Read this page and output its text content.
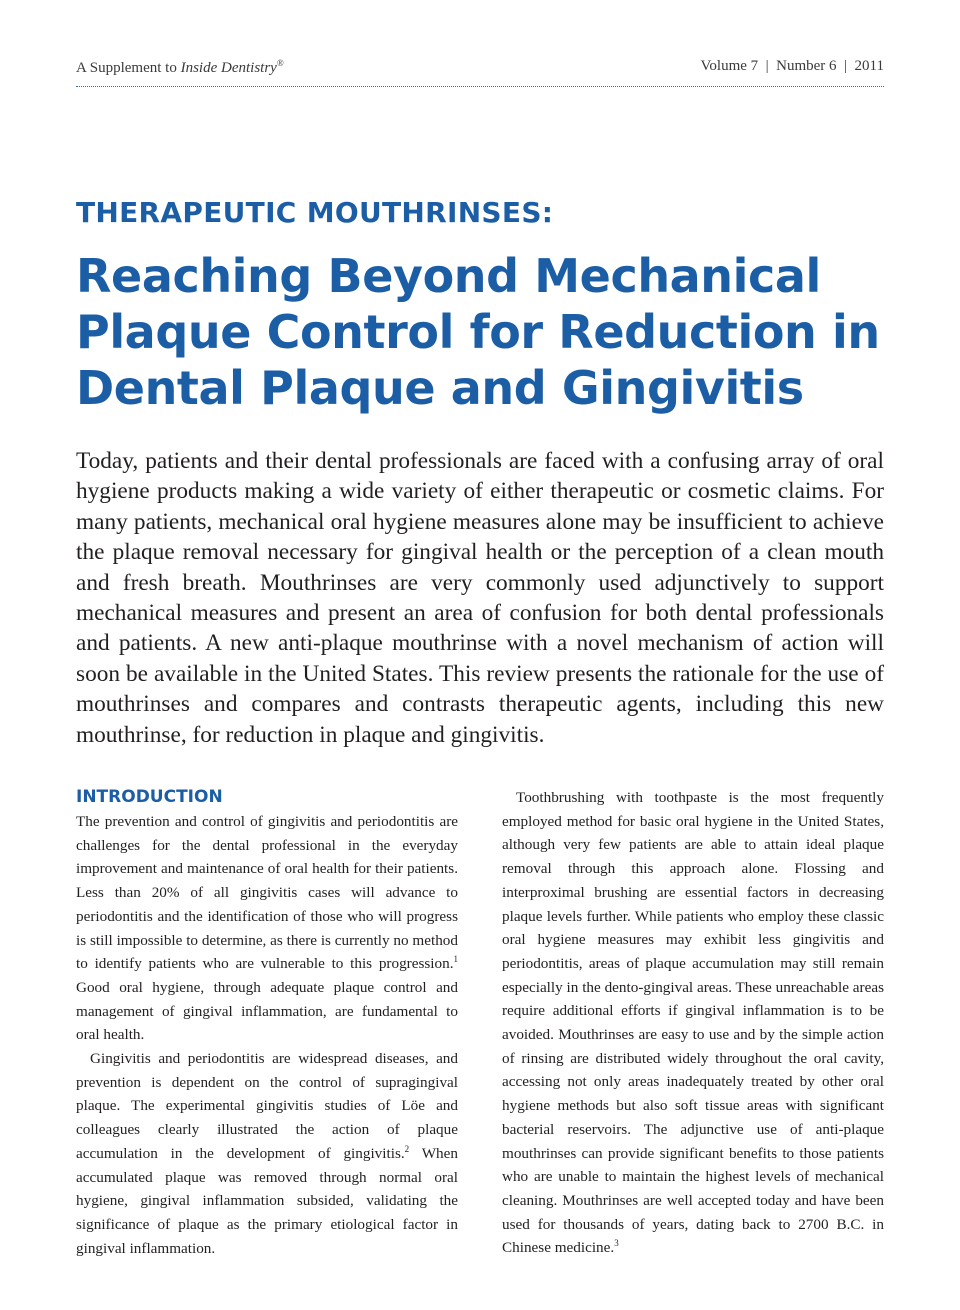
A Supplement to Inside Dentistry®	Volume 7  |  Number 6  |  2011
THERAPEUTIC MOUTHRINSES:
Reaching Beyond Mechanical
Plaque Control for Reduction in
Dental Plaque and Gingivitis

Today, patients and their dental professionals are faced with a confusing array of oral hygiene products making a wide variety of either therapeutic or cosmetic claims. For many patients, mechanical oral hygiene measures alone may be insufficient to achieve the plaque removal necessary for gingival health or the perception of a clean mouth and fresh breath. Mouthrinses are very commonly used adjunctively to support mechanical measures and present an area of confusion for both dental professionals and patients. A new anti-plaque mouthrinse with a novel mechanism of action will soon be available in the United States. This review presents the rationale for the use of mouthrinses and compares and contrasts therapeutic agents, including this new mouthrinse, for reduction in plaque and gingivitis.

INTRODUCTION

The prevention and control of gingivitis and periodontitis are challenges for the dental professional in the everyday improvement and maintenance of oral health for their patients. Less than 20% of all gingivitis cases will advance to periodontitis and the identification of those who will progress is still impossible to determine, as there is currently no method to identify patients who are vulnerable to this progression.$^1$ Good oral hygiene, through adequate plaque control and management of gingival inflammation, are fundamental to oral health.

Gingivitis and periodontitis are widespread diseases, and prevention is dependent on the control of supragingival plaque. The experimental gingivitis studies of Löe and colleagues clearly illustrated the action of plaque accumulation in the development of gingivitis.$^2$ When accumulated plaque was removed through normal oral hygiene, gingival inflammation subsided, validating the significance of plaque as the primary etiological factor in gingival inflammation.

Toothbrushing with toothpaste is the most frequently employed method for basic oral hygiene in the United States, although very few patients are able to attain ideal plaque removal through this approach alone. Flossing and interproximal brushing are essential factors in decreasing plaque levels further. While patients who employ these classic oral hygiene measures may exhibit less gingivitis and periodontitis, areas of plaque accumulation may still remain especially in the dento-gingival areas. These unreachable areas require additional efforts if gingival inflammation is to be avoided. Mouthrinses are easy to use and by the simple action of rinsing are distributed widely throughout the oral cavity, accessing not only areas inadequately treated by other oral hygiene methods but also soft tissue areas with significant bacterial reservoirs. The adjunctive use of anti-plaque mouthrinses can provide significant benefits to those patients who are unable to maintain the highest levels of mechanical cleaning. Mouthrinses are well accepted today and have been used for thousands of years, dating back to 2700 B.C. in Chinese medicine.$^3$
